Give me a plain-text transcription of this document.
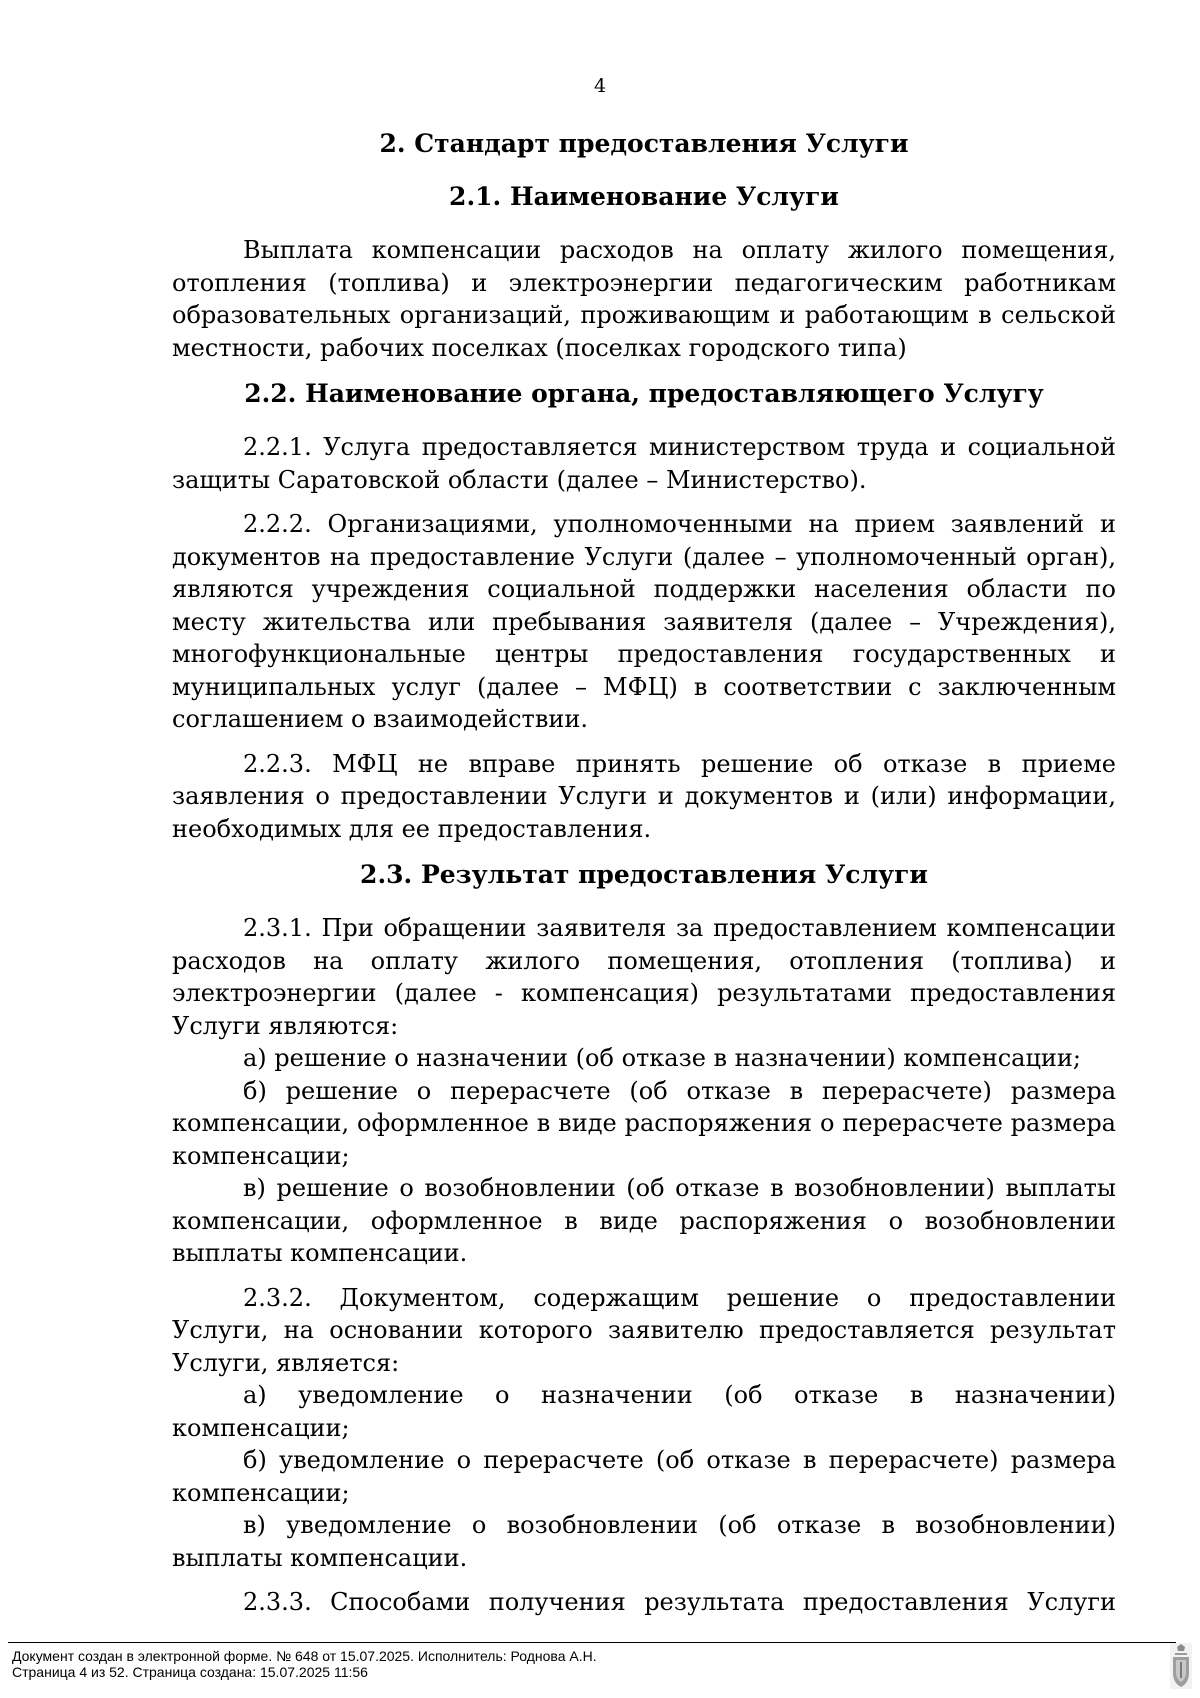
4
2. Стандарт предоставления Услуги
2.1. Наименование Услуги

Выплата компенсации расходов на оплату жилого помещения, отопления (топлива) и электроэнергии педагогическим работникам образовательных организаций, проживающим и работающим в сельской местности, рабочих поселках (поселках городского типа)

2.2. Наименование органа, предоставляющего Услугу

2.2.1. Услуга предоставляется министерством труда и социальной защиты Саратовской области (далее – Министерство).

2.2.2. Организациями, уполномоченными на прием заявлений и документов на предоставление Услуги (далее – уполномоченный орган), являются учреждения социальной поддержки населения области по месту жительства или пребывания заявителя (далее – Учреждения), многофункциональные центры предоставления государственных и муниципальных услуг (далее – МФЦ) в соответствии с заключенным соглашением о взаимодействии.

2.2.3. МФЦ не вправе принять решение об отказе в приеме заявления о предоставлении Услуги и документов и (или) информации, необходимых для ее предоставления.

2.3. Результат предоставления Услуги

2.3.1. При обращении заявителя за предоставлением компенсации расходов на оплату жилого помещения, отопления (топлива) и электроэнергии (далее - компенсация) результатами предоставления Услуги являются:

а) решение о назначении (об отказе в назначении) компенсации;

б) решение о перерасчете (об отказе в перерасчете) размера компенсации, оформленное в виде распоряжения о перерасчете размера компенсации;

в) решение о возобновлении (об отказе в возобновлении) выплаты компенсации, оформленное в виде распоряжения о возобновлении выплаты компенсации.

2.3.2. Документом, содержащим решение о предоставлении Услуги, на основании которого заявителю предоставляется результат Услуги, является:

а) уведомление о назначении (об отказе в назначении) компенсации;

б) уведомление о перерасчете (об отказе в перерасчете) размера компенсации;

в) уведомление о возобновлении (об отказе в возобновлении) выплаты компенсации.

2.3.3. Способами получения результата предоставления Услуги

Документ создан в электронной форме. № 648 от 15.07.2025. Исполнитель: Роднова А.Н.
Страница 4 из 52. Страница создана: 15.07.2025 11:56
